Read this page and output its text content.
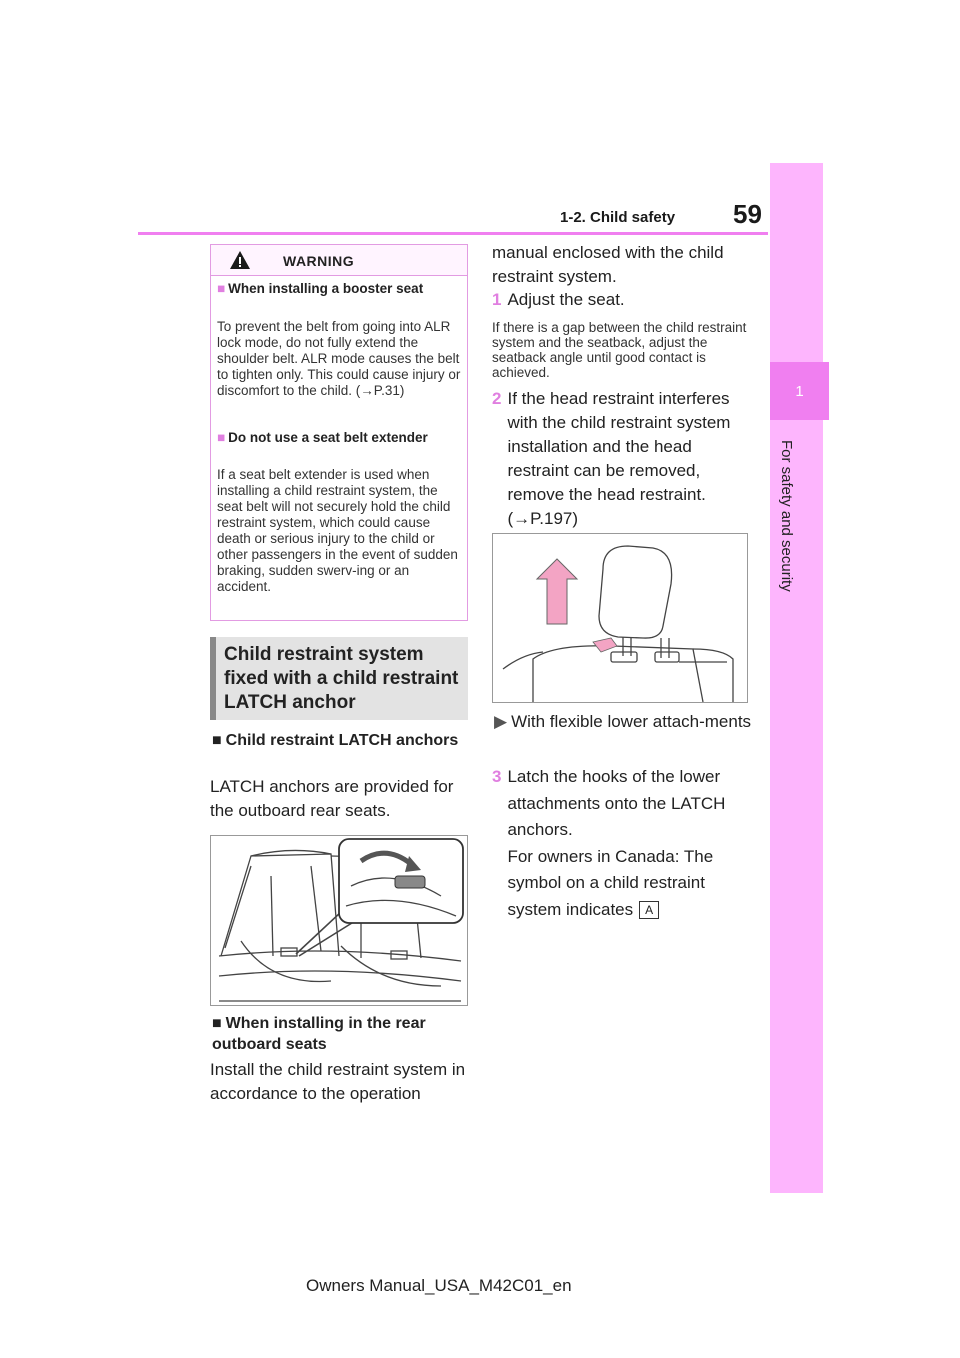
1-2. Child safety 59
1
For safety and security
WARNING
■ When installing a booster seat
To prevent the belt from going into ALR lock mode, do not fully extend the shoulder belt. ALR mode causes the belt to tighten only. This could cause injury or discomfort to the child. (→P.31)
■ Do not use a seat belt extender
If a seat belt extender is used when installing a child restraint system, the seat belt will not securely hold the child restraint system, which could cause death or serious injury to the child or other passengers in the event of sudden braking, sudden swerv-ing or an accident.
Child restraint system fixed with a child restraint LATCH anchor
■ Child restraint LATCH anchors
LATCH anchors are provided for the outboard rear seats.
■ When installing in the rear outboard seats
Install the child restraint system in accordance to the operation
manual enclosed with the child restraint system.
1 Adjust the seat.
If there is a gap between the child restraint system and the seatback, adjust the seatback angle until good contact is achieved.
2 If the head restraint interferes with the child restraint system installation and the head restraint can be removed, remove the head restraint. (→P.197)
▶ With flexible lower attach-ments
3 Latch the hooks of the lower attachments onto the LATCH anchors.
For owners in Canada: The symbol on a child restraint system indicates A
Owners Manual_USA_M42C01_en
